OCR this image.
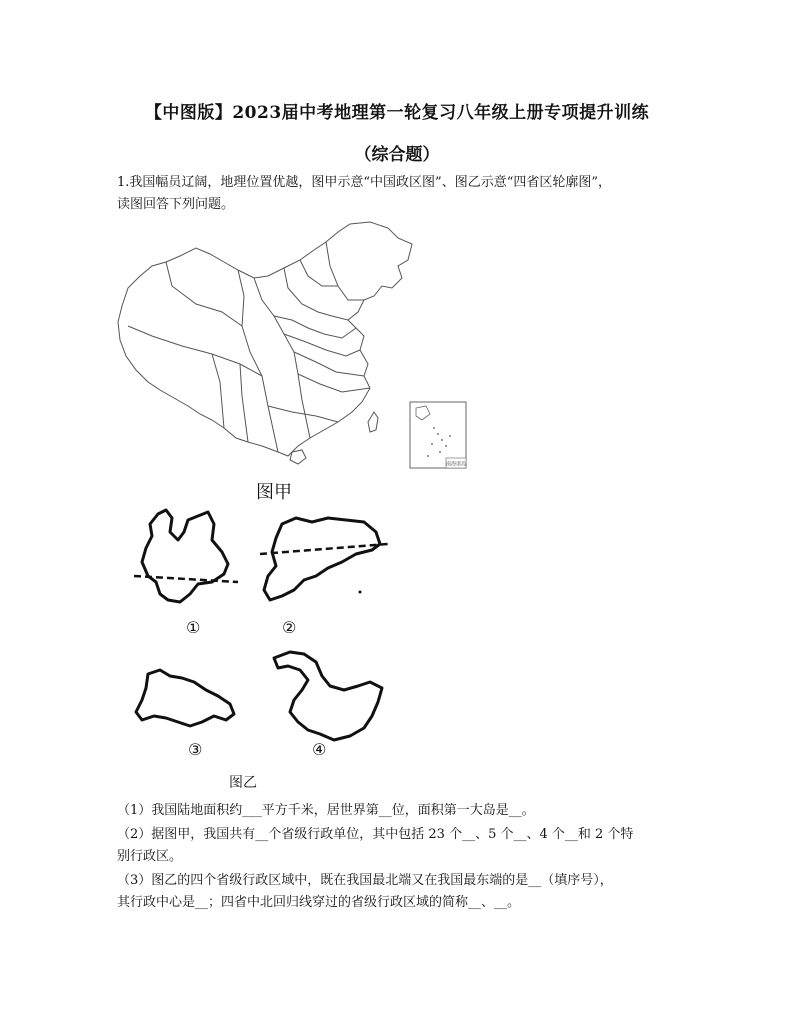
【中图版】2023届中考地理第一轮复习八年级上册专项提升训练
（综合题）
1.我国幅员辽阔，地理位置优越，图甲示意“中国政区图”、图乙示意“四省区轮廓图”，
读图回答下列问题。
南海诸岛
图甲
①	②
③	④
图乙
（1）我国陆地面积约___平方千米，居世界第__位，面积第一大岛是__。
（2）据图甲，我国共有__个省级行政单位，其中包括 23 个__、5 个__、4 个__和 2 个特
别行政区。
（3）图乙的四个省级行政区域中，既在我国最北端又在我国最东端的是__（填序号），
其行政中心是__；四省中北回归线穿过的省级行政区域的简称__、__。
